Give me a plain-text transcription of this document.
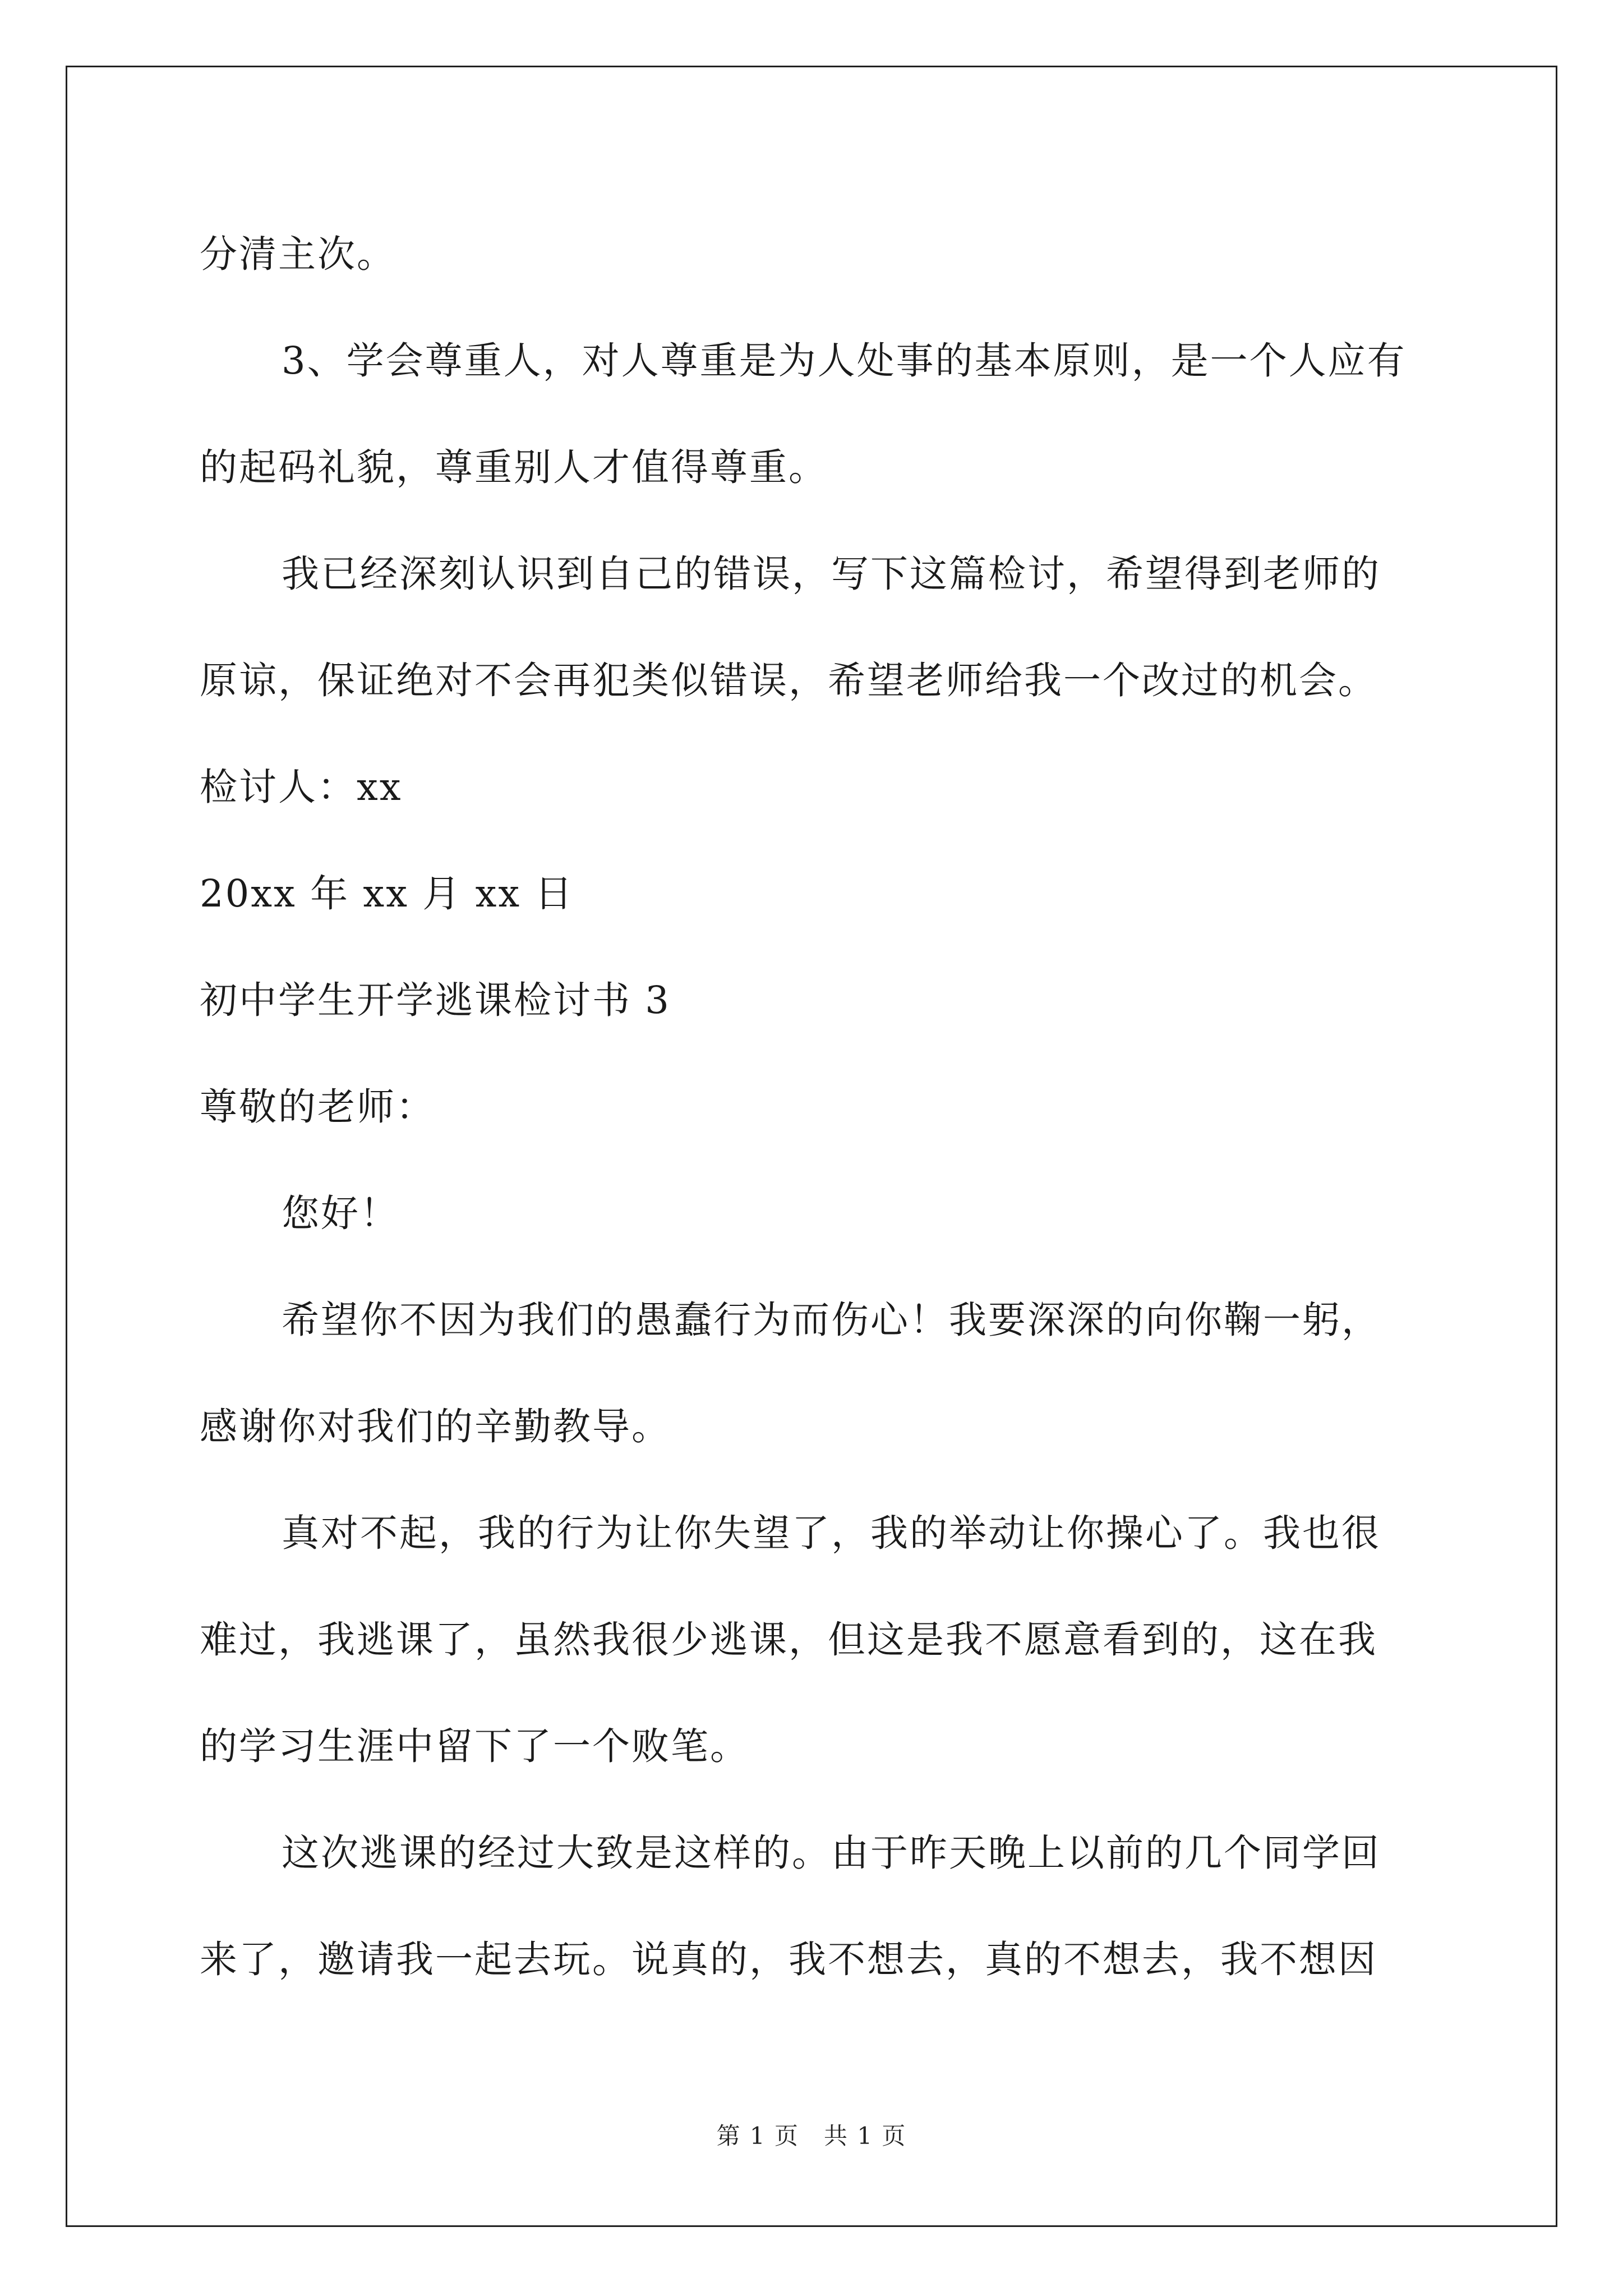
分清主次。
3、学会尊重人，对人尊重是为人处事的基本原则，是一个人应有
的起码礼貌，尊重别人才值得尊重。
我已经深刻认识到自己的错误，写下这篇检讨，希望得到老师的
原谅，保证绝对不会再犯类似错误，希望老师给我一个改过的机会。
检讨人：xx
20xx 年 xx 月 xx 日
初中学生开学逃课检讨书 3
尊敬的老师：
您好！
希望你不因为我们的愚蠢行为而伤心！我要深深的向你鞠一躬，
感谢你对我们的辛勤教导。
真对不起，我的行为让你失望了，我的举动让你操心了。我也很
难过，我逃课了，虽然我很少逃课，但这是我不愿意看到的，这在我
的学习生涯中留下了一个败笔。
这次逃课的经过大致是这样的。由于昨天晚上以前的几个同学回
来了，邀请我一起去玩。说真的，我不想去，真的不想去，我不想因
第 1 页　共 1 页
